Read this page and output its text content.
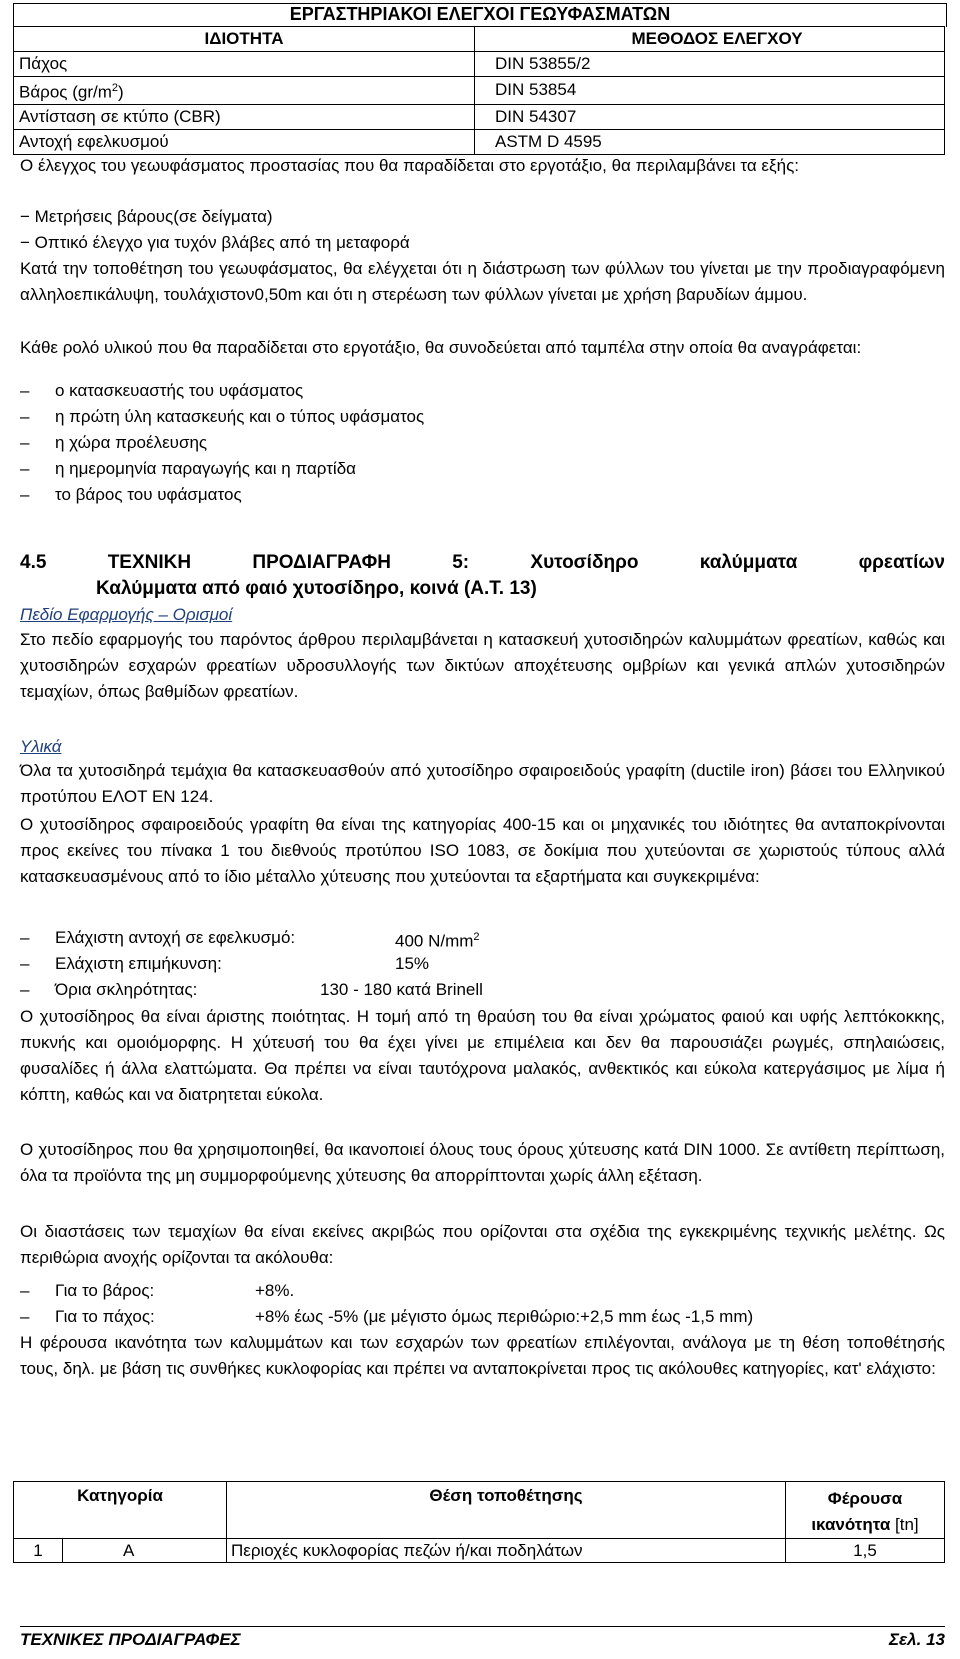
ΕΡΓΑΣΤΗΡΙΑΚΟΙ ΕΛΕΓΧΟΙ ΓΕΩΥΦΑΣΜΑΤΩΝ
ΙΔΙΟΤΗΤΑ	ΜΕΘΟΔΟΣ ΕΛΕΓΧΟΥ
Πάχος	DIN 53855/2
Βάρος $(gr/m^2)$	DIN 53854
Αντίσταση σε κτύπο (CBR)	DIN 54307
Αντοχή εφελκυσμού	ASTM D 4595
Ο έλεγχος του γεωυφάσματος προστασίας που θα παραδίδεται στο εργοτάξιο, θα περιλαμβάνει τα εξής:
− Μετρήσεις βάρους(σε δείγματα)
− Οπτικό έλεγχο για τυχόν βλάβες από τη μεταφορά
Κατά την τοποθέτηση του γεωυφάσματος, θα ελέγχεται ότι η διάστρωση των φύλλων του γίνεται με την προδιαγραφόμενη αλληλοεπικάλυψη, τουλάχιστον0,50m και ότι η στερέωση των φύλλων γίνεται με χρήση βαρυδίων άμμου.
Κάθε ρολό υλικού που θα παραδίδεται στο εργοτάξιο, θα συνοδεύεται από ταμπέλα στην οποία θα αναγράφεται:
– ο κατασκευαστής του υφάσματος
– η πρώτη ύλη κατασκευής και ο τύπος υφάσματος
– η χώρα προέλευσης
– η ημερομηνία παραγωγής και η παρτίδα
– το βάρος του υφάσματος
4.5  ΤΕΧΝΙΚΗ  ΠΡΟΔΙΑΓΡΑΦΗ  5:  Χυτοσίδηρο  καλύμματα  φρεατίων
Καλύμματα από φαιό χυτοσίδηρο, κοινά (Α.Τ. 13)
Πεδίο Εφαρμογής – Ορισμοί
Στο πεδίο εφαρμογής του παρόντος άρθρου περιλαμβάνεται η κατασκευή χυτοσιδηρών καλυμμάτων φρεατίων, καθώς και χυτοσιδηρών εσχαρών φρεατίων υδροσυλλογής των δικτύων αποχέτευσης ομβρίων και γενικά απλών χυτοσιδηρών τεμαχίων, όπως βαθμίδων φρεατίων.
Υλικά
Όλα τα χυτοσιδηρά τεμάχια θα κατασκευασθούν από χυτοσίδηρο σφαιροειδούς γραφίτη (ductile iron) βάσει του Ελληνικού προτύπου ΕΛΟΤ ΕΝ 124.
Ο χυτοσίδηρος σφαιροειδούς γραφίτη θα είναι της κατηγορίας 400-15 και οι μηχανικές του ιδιότητες θα ανταποκρίνονται προς εκείνες του πίνακα 1 του διεθνούς προτύπου ISO 1083, σε δοκίμια που χυτεύονται σε χωριστούς τύπους αλλά κατασκευασμένους από το ίδιο μέταλλο χύτευσης που χυτεύονται τα εξαρτήματα και συγκεκριμένα:
– Ελάχιστη αντοχή σε εφελκυσμό:	400 $N/mm^2$
– Ελάχιστη επιμήκυνση:	15%
– Όρια σκληρότητας:	130 - 180 κατά Brinell
Ο χυτοσίδηρος θα είναι άριστης ποιότητας. Η τομή από τη θραύση του θα είναι χρώματος φαιού και υφής λεπτόκοκκης, πυκνής και ομοιόμορφης. Η χύτευσή του θα έχει γίνει με επιμέλεια και δεν θα παρουσιάζει ρωγμές, σπηλαιώσεις, φυσαλίδες ή άλλα ελαττώματα. Θα πρέπει να είναι ταυτόχρονα μαλακός, ανθεκτικός και εύκολα κατεργάσιμος με λίμα ή κόπτη, καθώς και να διατρητεται εύκολα.
Ο χυτοσίδηρος που θα χρησιμοποιηθεί, θα ικανοποιεί όλους τους όρους χύτευσης κατά DIN 1000. Σε αντίθετη περίπτωση, όλα τα προϊόντα της μη συμμορφούμενης χύτευσης θα απορρίπτονται χωρίς άλλη εξέταση.
Οι διαστάσεις των τεμαχίων θα είναι εκείνες ακριβώς που ορίζονται στα σχέδια της εγκεκριμένης τεχνικής μελέτης. Ως περιθώρια ανοχής ορίζονται τα ακόλουθα:
– Για το βάρος:	+8%.
– Για το πάχος:	+8% έως -5% (με μέγιστο όμως περιθώριο:+2,5 mm έως -1,5 mm)
Η φέρουσα ικανότητα των καλυμμάτων και των εσχαρών των φρεατίων επιλέγονται, ανάλογα με τη θέση τοποθέτησής τους, δηλ. με βάση τις συνθήκες κυκλοφορίας και πρέπει να ανταποκρίνεται προς τις ακόλουθες κατηγορίες, κατ' ελάχιστο:
Κατηγορία		Θέση τοποθέτησης	Φέρουσα
ικανότητα [tn]
1	A	Περιοχές κυκλοφορίας πεζών ή/και ποδηλάτων	1,5
ΤΕΧΝΙΚΕΣ ΠΡΟΔΙΑΓΡΑΦΕΣ	Σελ. 13
